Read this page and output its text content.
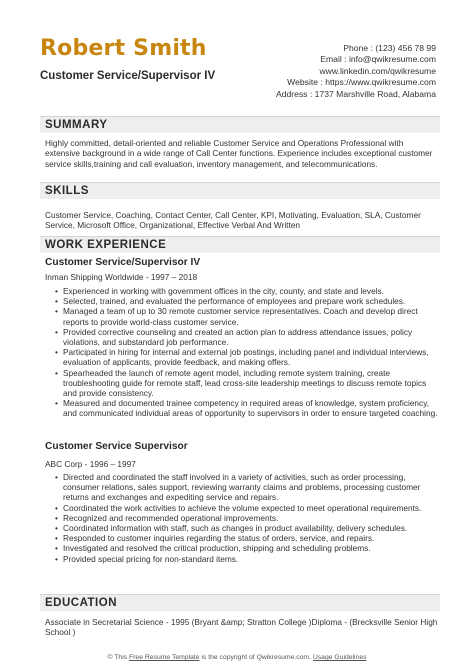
Robert Smith
Customer Service/Supervisor IV
Phone : (123) 456 78 99
Email : info@qwikresume.com
www.linkedin.com/qwikresume
Website : https://www.qwikresume.com
Address : 1737 Marshville Road, Alabama
SUMMARY

Highly committed, detail-oriented and reliable Customer Service and Operations Professional with extensive background in a wide range of Call Center functions. Experience includes exceptional customer service skills,training and call evaluation, inventory management, and telecommunications.

SKILLS

Customer Service, Coaching, Contact Center, Call Center, KPI, Motivating, Evaluation, SLA, Customer Service, Microsoft Office, Organizational, Effective Verbal And Written

WORK EXPERIENCE

Customer Service/Supervisor IV

Inman Shipping Worldwide - 1997 – 2018

• Experienced in working with government offices in the city, county, and state and levels.
• Selected, trained, and evaluated the performance of employees and prepare work schedules.
• Managed a team of up to 30 remote customer service representatives. Coach and develop direct reports to provide world-class customer service.
• Provided corrective counseling and created an action plan to address attendance issues, policy violations, and substandard job performance.
• Participated in hiring for internal and external job postings, including panel and individual interviews, evaluation of applicants, provide feedback, and making offers.
• Spearheaded the launch of remote agent model, including remote system training, create troubleshooting guide for remote staff, lead cross-site leadership meetings to discuss remote topics and provide consistency.
• Measured and documented trainee competency in required areas of knowledge, system proficiency, and communicated individual areas of opportunity to supervisors in order to ensure targeted coaching.

Customer Service Supervisor

ABC Corp - 1996 – 1997

• Directed and coordinated the staff involved in a variety of activities, such as order processing, consumer relations, sales support, reviewing warranty claims and problems, processing customer returns and exchanges and expediting service and repairs.
• Coordinated the work activities to achieve the volume expected to meet operational requirements.
• Recognized and recommended operational improvements.
• Coordinated information with staff, such as changes in product availability, delivery schedules.
• Responded to customer inquiries regarding the status of orders, service, and repairs.
• Investigated and resolved the critical production, shipping and scheduling problems.
• Provided special pricing for non-standard items.
EDUCATION

Associate in Secretarial Science - 1995 (Bryant &amp; Stratton College )Diploma - (Brecksville Senior High School )

© This Free Resume Template is the copyright of Qwikresume.com. Usage Guidelines
